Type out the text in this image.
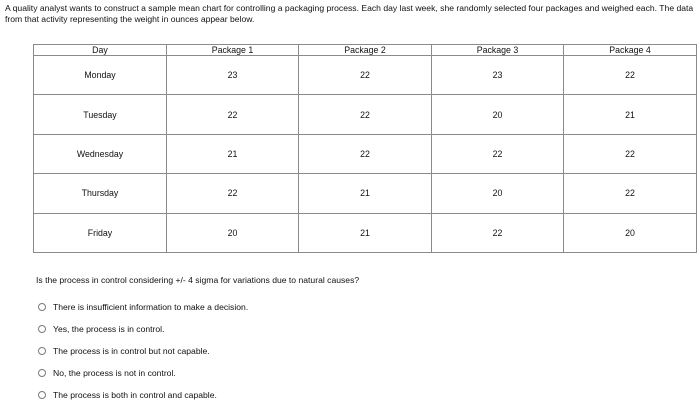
A quality analyst wants to construct a sample mean chart for controlling a packaging process. Each day last week, she randomly selected four packages and weighed each. The data from that activity representing the weight in ounces appear below.
Day	Package 1	Package 2	Package 3	Package 4
Monday	23	22	23	22
Tuesday	22	22	20	21
Wednesday	21	22	22	22
Thursday	22	21	20	22
Friday	20	21	22	20
Is the process in control considering +/- 4 sigma for variations due to natural causes?
There is insufficient information to make a decision.
Yes, the process is in control.
The process is in control but not capable.
No, the process is not in control.
The process is both in control and capable.
